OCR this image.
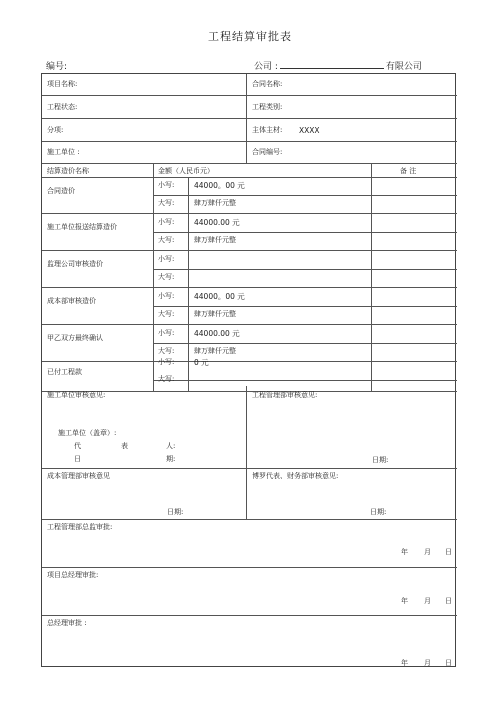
工程结算审批表
编号:	公司 :	有限公司
项目名称:	合同名称:
工程状态:	工程类别:
分项:	主体主材: XXXX
施工单位 :	合同编号:
结算造价名称	金额（人民币元）	备 注
合同造价
小写:	44000。00 元
大写:	肆万肆仟元整
施工单位报送结算造价
小写:	44000.00 元
大写:	肆万肆仟元整
监理公司审核造价
小写:
大写:
成本部审核造价
小写:	44000。00 元
大写:	肆万肆仟元整
甲乙双方最终确认
小写:	44000.00 元
大写:	肆万肆仟元整
已付工程款
小写:	0 元
大写:
施工单位审核意见:
施工单位（盖章）:
代	表	人:
日	期:
工程管理部审核意见:
日期:
成本管理部审核意见
日期:
博罗代表、财务部审核意见:
日期:
工程管理部总监审批:
年 月 日
项目总经理审批:
年 月 日
总经理审批 :
年 月 日
